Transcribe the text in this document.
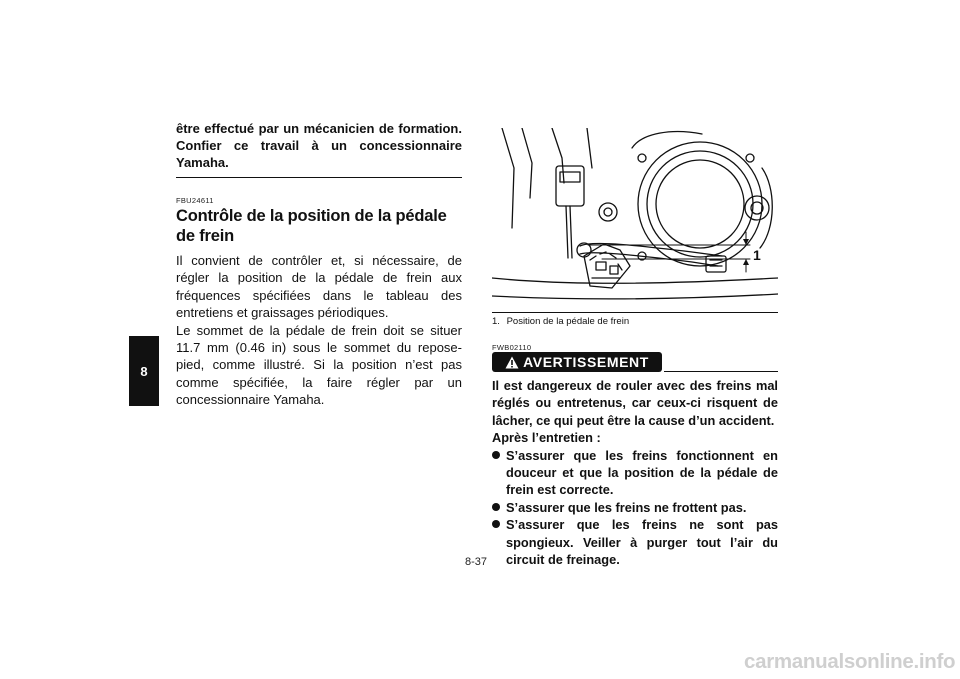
8

être effectué par un mécanicien de formation. Confier ce travail à un concessionnaire Yamaha.

FBU24611

Contrôle de la position de la pédale de frein

Il convient de contrôler et, si nécessaire, de régler la position de la pédale de frein aux fréquences spécifiées dans le tableau des entretiens et graissages périodiques.

Le sommet de la pédale de frein doit se situer 11.7 mm (0.46 in) sous le sommet du repose-pied, comme illustré. Si la position n’est pas comme spécifiée, la faire régler par un concessionnaire Yamaha.

1
1. Position de la pédale de frein

FWB02110

AVERTISSEMENT

Il est dangereux de rouler avec des freins mal réglés ou entretenus, car ceux-ci risquent de lâcher, ce qui peut être la cause d’un accident.

Après l’entretien :

S’assurer que les freins fonctionnent en douceur et que la position de la pédale de frein est correcte.
S’assurer que les freins ne frottent pas.
S’assurer que les freins ne sont pas spongieux. Veiller à purger tout l’air du circuit de freinage.
8-37
carmanualsonline.info
